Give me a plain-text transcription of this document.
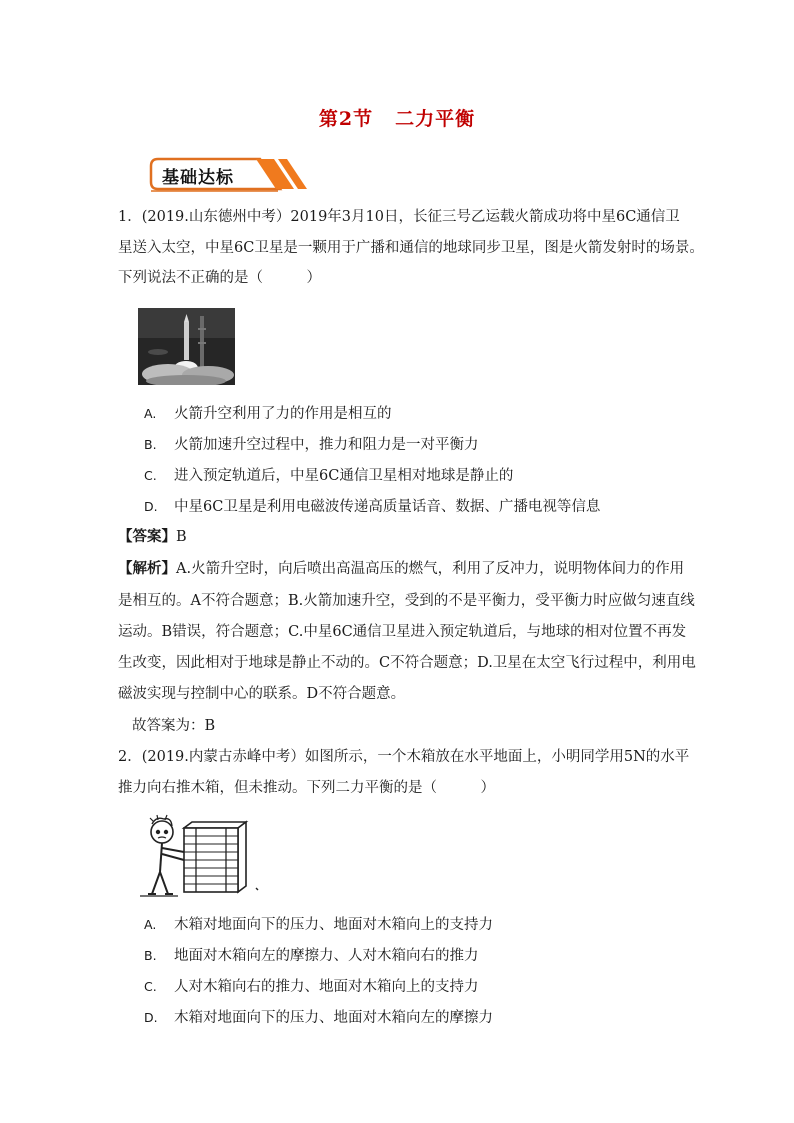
第2节 二力平衡
基础达标
1．(2019.山东德州中考）2019年3月10日，长征三号乙运载火箭成功将中星6C通信卫
星送入太空，中星6C卫星是一颗用于广播和通信的地球同步卫星，图是火箭发射时的场景。
下列说法不正确的是（　　　）
A. 火箭升空利用了力的作用是相互的
B. 火箭加速升空过程中，推力和阻力是一对平衡力
C. 进入预定轨道后，中星6C通信卫星相对地球是静止的
D. 中星6C卫星是利用电磁波传递高质量话音、数据、广播电视等信息
【答案】B
【解析】A.火箭升空时，向后喷出高温高压的燃气，利用了反冲力，说明物体间力的作用
是相互的。A不符合题意；B.火箭加速升空，受到的不是平衡力，受平衡力时应做匀速直线
运动。B错误，符合题意；C.中星6C通信卫星进入预定轨道后，与地球的相对位置不再发
生改变，因此相对于地球是静止不动的。C不符合题意；D.卫星在太空飞行过程中，利用电
磁波实现与控制中心的联系。D不符合题意。
故答案为：B
2．(2019.内蒙古赤峰中考）如图所示，一个木箱放在水平地面上，小明同学用5N的水平
推力向右推木箱，但未推动。下列二力平衡的是（　　　）
A. 木箱对地面向下的压力、地面对木箱向上的支持力
B. 地面对木箱向左的摩擦力、人对木箱向右的推力
C. 人对木箱向右的推力、地面对木箱向上的支持力
D. 木箱对地面向下的压力、地面对木箱向左的摩擦力
